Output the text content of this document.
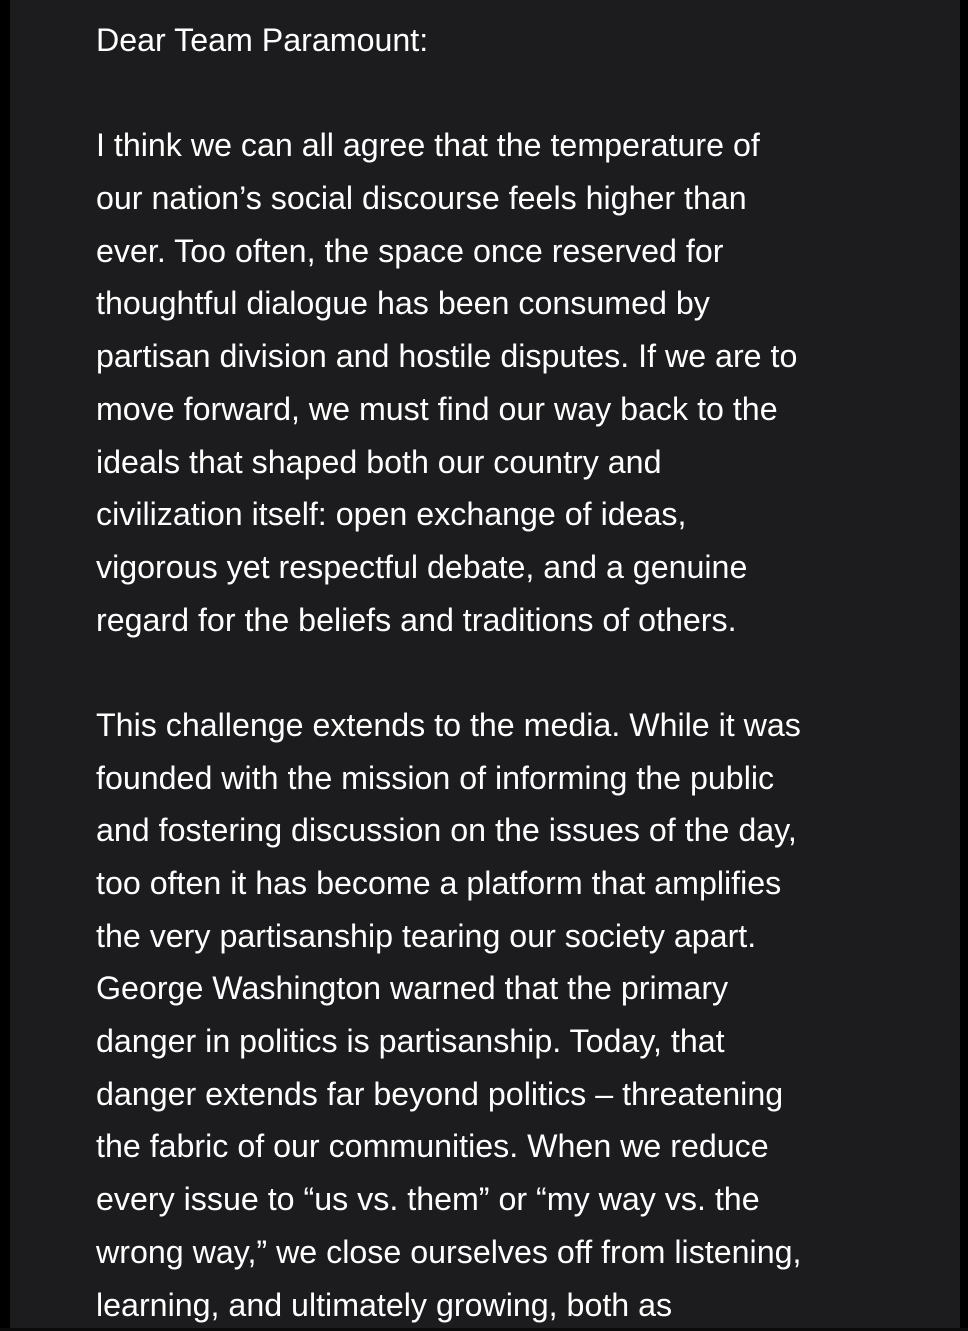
Dear Team Paramount:
I think we can all agree that the temperature of
our nation’s social discourse feels higher than
ever. Too often, the space once reserved for
thoughtful dialogue has been consumed by
partisan division and hostile disputes. If we are to
move forward, we must find our way back to the
ideals that shaped both our country and
civilization itself: open exchange of ideas,
vigorous yet respectful debate, and a genuine
regard for the beliefs and traditions of others.
This challenge extends to the media. While it was
founded with the mission of informing the public
and fostering discussion on the issues of the day,
too often it has become a platform that amplifies
the very partisanship tearing our society apart.
George Washington warned that the primary
danger in politics is partisanship. Today, that
danger extends far beyond politics – threatening
the fabric of our communities. When we reduce
every issue to “us vs. them” or “my way vs. the
wrong way,” we close ourselves off from listening,
learning, and ultimately growing, both as
